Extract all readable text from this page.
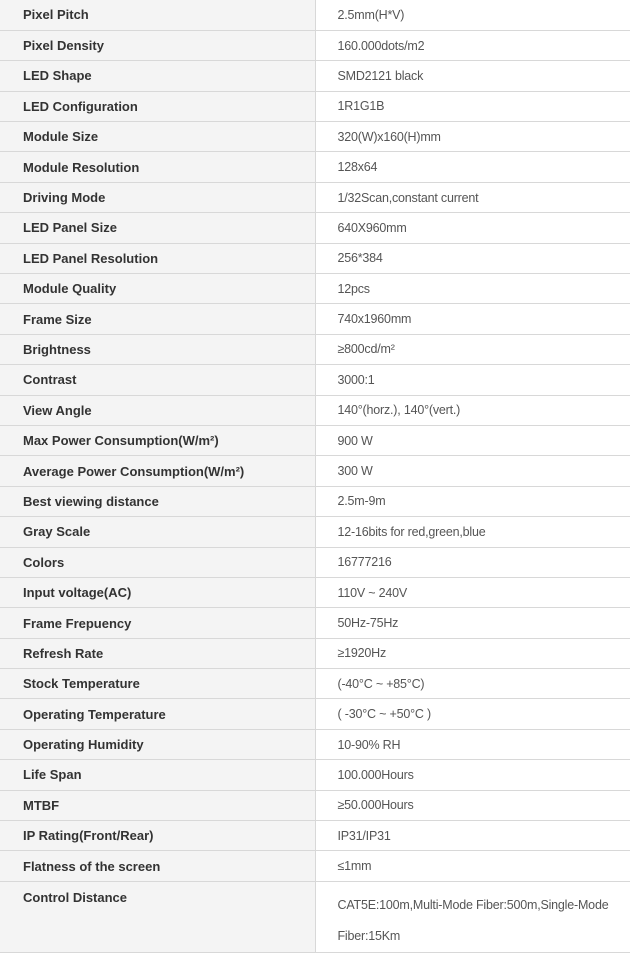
Pixel Pitch	2.5mm(H*V)
Pixel Density	160.000dots/m2
LED Shape	SMD2121 black
LED Configuration	1R1G1B
Module Size	320(W)x160(H)mm
Module Resolution	128x64
Driving Mode	1/32Scan,constant current
LED Panel Size	640X960mm
LED Panel Resolution	256*384
Module Quality	12pcs
Frame Size	740x1960mm
Brightness	≥800cd/m²
Contrast	3000:1
View Angle	140°(horz.), 140°(vert.)
Max Power Consumption(W/m²)	900 W
Average Power Consumption(W/m²)	300 W
Best viewing distance	2.5m-9m
Gray Scale	12-16bits for red,green,blue
Colors	16777216
Input voltage(AC)	110V ~ 240V
Frame Frepuency	50Hz-75Hz
Refresh Rate	≥1920Hz
Stock Temperature	(-40°C ~ +85°C)
Operating Temperature	( -30°C ~ +50°C )
Operating Humidity	10-90% RH
Life Span	100.000Hours
MTBF	≥50.000Hours
IP Rating(Front/Rear)	IP31/IP31
Flatness of the screen	≤1mm
Control Distance	CAT5E:100m,Multi-Mode Fiber:500m,Single-Mode Fiber:15Km
